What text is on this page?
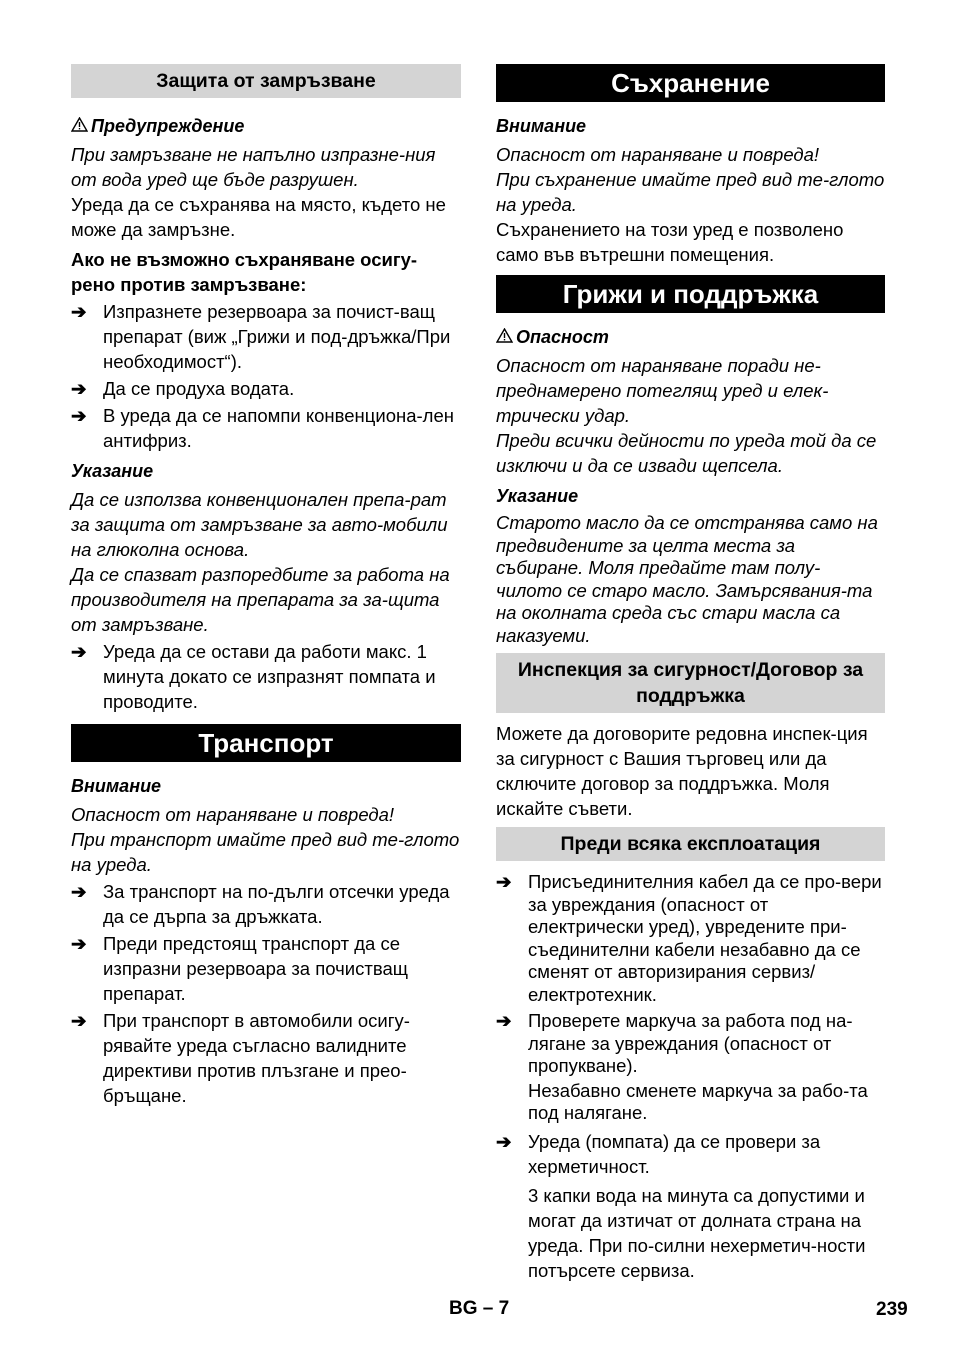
Защита от замръзване
Предупреждение
При замръзване не напълно изпразне-ния от вода уред ще бъде разрушен.
Уреда да се съхранява на място, където не може да замръзне.
Ако не възможно съхраняване осигу-рено против замръзване:
➔ Изпразнете резервоара за почист-ващ препарат (виж „Грижи и под-дръжка/При необходимост“).
➔ Да се продуха водата.
➔ В уреда да се напомпи конвенциона-лен антифриз.
Указание
Да се използва конвенционален препа-рат за защита от замръзване за авто-мобили на глюколна основа.
Да се спазват разпоредбите за работа на производителя на препарата за за-щита от замръзване.
➔ Уреда да се остави да работи макс. 1 минута докато се изпразнят помпата и проводите.
Транспорт
Внимание
Опасност от нараняване и повреда!
При транспорт имайте пред вид те-глото на уреда.
➔ За транспорт на по-дълги отсечки уреда да се дърпа за дръжката.
➔ Преди предстоящ транспорт да се изпразни резервоара за почистващ препарат.
➔ При транспорт в автомобили осигу-рявайте уреда съгласно валидните директиви против плъзгане и прео-бръщане.
Съхранение
Внимание
Опасност от нараняване и повреда!
При съхранение имайте пред вид те-глото на уреда.
Съхранението на този уред е позволено само във вътрешни помещения.
Грижи и поддръжка
Опасност
Опасност от нараняване поради не-преднамерено потеглящ уред и елек-трически удар.
Преди всички дейности по уреда той да се изключи и да се извади щепсела.
Указание
Старото масло да се отстранява само на предвидените за целта места за събиране. Моля предайте там полу-чилото се старо масло. Замърсявания-та на околната среда със стари масла са наказуеми.
Инспекция за сигурност/Договор за поддръжка
Можете да договорите редовна инспек-ция за сигурност с Вашия търговец или да сключите договор за поддръжка. Моля искайте съвети.
Преди всяка експлоатация
➔ Присъединителния кабел да се про-вери за увреждания (опасност от електрически уред), увредените при-съединителни кабели незабавно да се сменят от авторизирания сервиз/ електротехник.
➔ Проверете маркуча за работа под на-лягане за увреждания (опасност от пропукване).
Незабавно сменете маркуча за рабо-та под налягане.
➔ Уреда (помпата) да се провери за херметичност.
3 капки вода на минута са допустими и могат да изтичат от долната страна на уреда. При по-силни нехерметич-ности потърсете сервиза.
BG – 7	239
